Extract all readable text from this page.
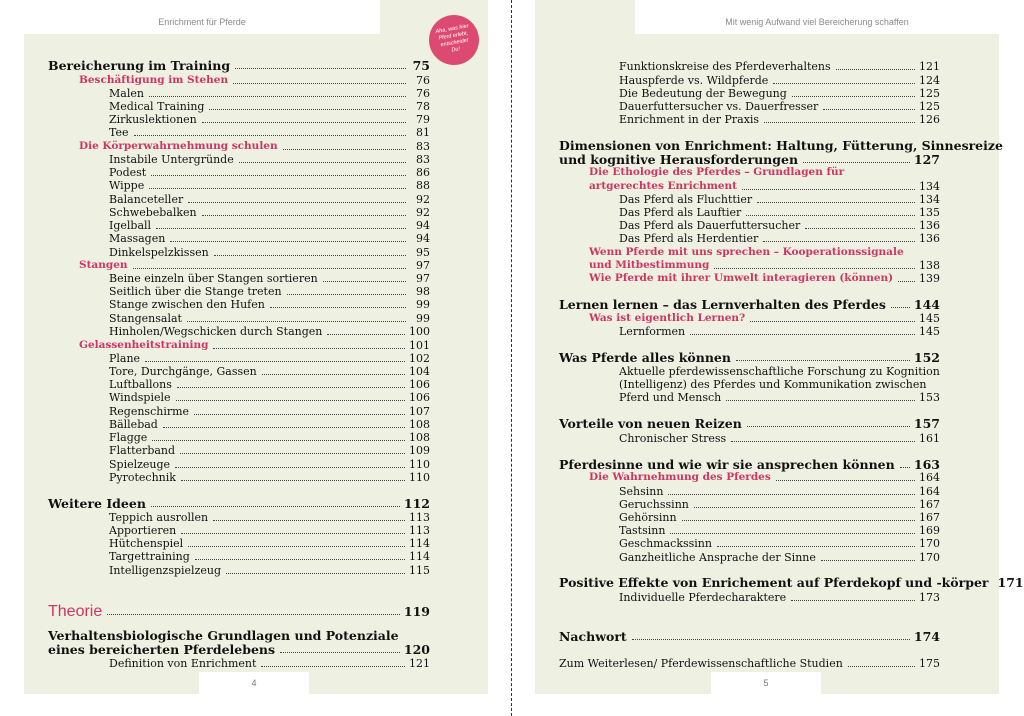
Enrichment für Pferde
4
Bereicherung im Training	75
Beschäftigung im Stehen	76
Malen	76
Medical Training	78
Zirkuslektionen	79
Tee	81
Die Körperwahrnehmung schulen	83
Instabile Untergründe	83
Podest	86
Wippe	88
Balanceteller	92
Schwebebalken	92
Igelball	94
Massagen	94
Dinkelspelzkissen	95
Stangen	97
Beine einzeln über Stangen sortieren	97
Seitlich über die Stange treten	98
Stange zwischen den Hufen	99
Stangensalat	99
Hinholen/Wegschicken durch Stangen	100
Gelassenheitstraining	101
Plane	102
Tore, Durchgänge, Gassen	104
Luftballons	106
Windspiele	106
Regenschirme	107
Bällebad	108
Flagge	108
Flatterband	109
Spielzeuge	110
Pyrotechnik	110
Weitere Ideen	112
Teppich ausrollen	113
Apportieren	113
Hütchenspiel	114
Targettraining	114
Intelligenzspielzeug	115
Theorie	119
Verhaltensbiologische Grundlagen und Potenziale
eines bereicherten Pferdelebens	120
Definition von Enrichment	121
Aha, was hier Pferd erlebt, entscheidet Du!
Mit wenig Aufwand viel Bereicherung schaffen
5
Funktionskreise des Pferdeverhaltens	121
Hauspferde vs. Wildpferde	124
Die Bedeutung der Bewegung	125
Dauerfuttersucher vs. Dauerfresser	125
Enrichment in der Praxis	126
Dimensionen von Enrichment: Haltung, Fütterung, Sinnesreize
und kognitive Herausforderungen	127
Die Ethologie des Pferdes – Grundlagen für
artgerechtes Enrichment	134
Das Pferd als Fluchttier	134
Das Pferd als Lauftier	135
Das Pferd als Dauerfuttersucher	136
Das Pferd als Herdentier	136
Wenn Pferde mit uns sprechen – Kooperationssignale
und Mitbestimmung	138
Wie Pferde mit ihrer Umwelt interagieren (können) 139
Lernen lernen – das Lernverhalten des Pferdes 144
Was ist eigentlich Lernen?	145
Lernformen	145
Was Pferde alles können	152
Aktuelle pferdewissenschaftliche Forschung zu Kognition
(Intelligenz) des Pferdes und Kommunikation zwischen
Pferd und Mensch	153
Vorteile von neuen Reizen	157
Chronischer Stress	161
Pferdesinne und wie wir sie ansprechen können 163
Die Wahrnehmung des Pferdes	164
Sehsinn	164
Geruchssinn	167
Gehörsinn	167
Tastsinn	169
Geschmackssinn	170
Ganzheitliche Ansprache der Sinne	170
Positive Effekte von Enrichement auf Pferdekopf und -körper 171
Individuelle Pferdecharaktere	173
Nachwort	174
Zum Weiterlesen/ Pferdewissenschaftliche Studien	175
